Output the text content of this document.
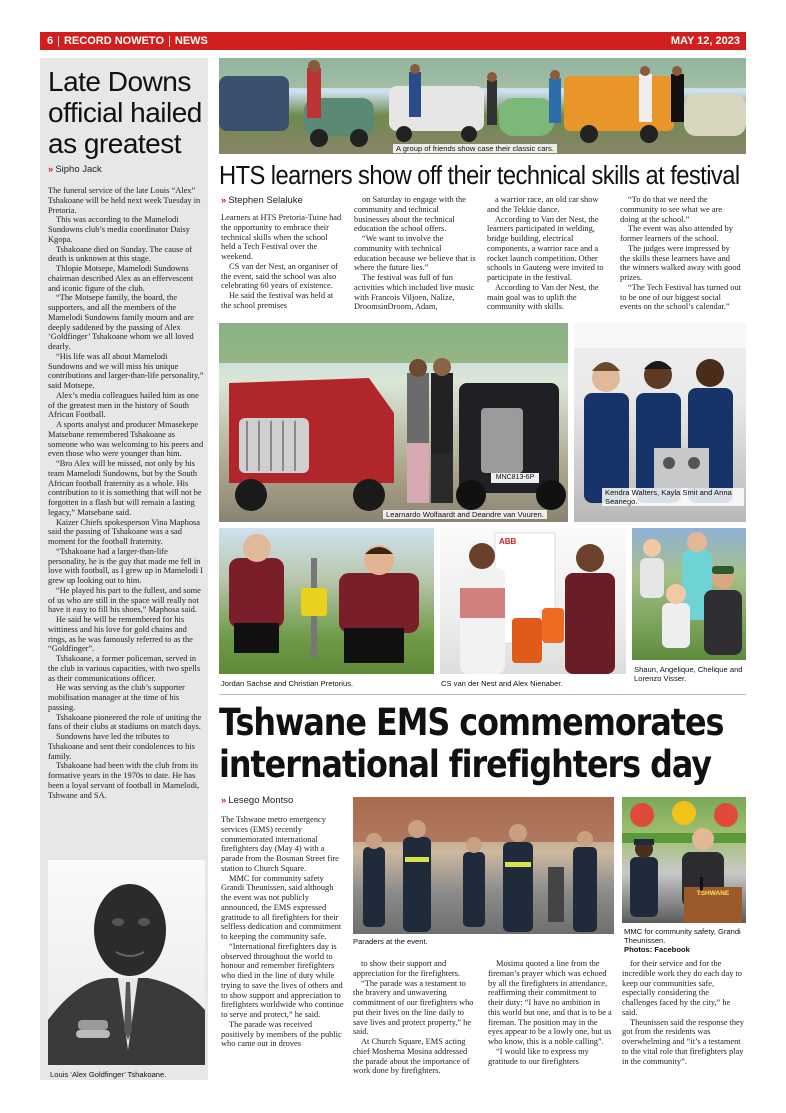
6 | RECORD NOWETO | NEWS	MAY 12, 2023
Late Downs official hailed as greatest
›› Sipho Jack

The funeral service of the late Louis “Alex” Tshakoane will be held next week Tuesday in Pretoria.

This was according to the Mamelodi Sundowns club’s media coordinator Daisy Kgopa.

Tshakoane died on Sunday. The cause of death is unknown at this stage.

Thlopie Motsepe, Mamelodi Sundowns chairman described Alex as an effervescent and iconic figure of the club.

“The Motsepe family, the board, the supporters, and all the members of the Mamelodi Sundowns family mourn and are deeply saddened by the passing of Alex ‘Goldfinger’ Tshakoane whom we all loved dearly.

“His life was all about Mamelodi Sundowns and we will miss his unique contributions and larger-than-life personality,” said Motsepe.

Alex’s media colleagues hailed him as one of the greatest men in the history of South African Football.

A sports analyst and producer Mmasekepe Matsebane remembered Tshakoane as someone who was welcoming to his peers and even those who were younger than him.

“Bro Alex will be missed, not only by his team Mamelodi Sundowns, but by the South African football fraternity as a whole. His contribution to it is something that will not be forgotten in a flash but will remain a lasting legacy,” Matsebane said.

Kaizer Chiefs spokesperson Vina Maphosa said the passing of Tshakoane was a sad moment for the football fraternity.

“Tshakoane had a larger-than-life personality, he is the guy that made me fell in love with football, as I grew up in Mamelodi I grew up looking out to him.

“He played his part to the fullest, and some of us who are still in the space will really not have it easy to fill his shoes,” Maphosa said.

He said he will be remembered for his wittiness and his love for gold chains and rings, as he was famously referred to as the “Goldfinger”.

Tshakoane, a former policeman, served in the club in various capacities, with two spells as their communications officer.

He was serving as the club’s supporter mobilisation manager at the time of his passing.

Tshakoane pioneered the role of uniting the fans of their clubs at stadiums on match days.

Sundowns have led the tributes to Tshakoane and sent their condolences to his family.

Tshakoane had been with the club from its formative years in the 1970s to date. He has been a loyal servant of football in Mamelodi, Tshwane and SA.

Louis ‘Alex Goldfinger’ Tshakoane.
A group of friends show case their classic cars.
HTS learners show off their technical skills at festival
›› Stephen Selaluke

Learners at HTS Pretoria-Tuine had the opportunity to embrace their technical skills when the school held a Tech Festival over the weekend.

CS van der Nest, an organiser of the event, said the school was also celebrating 60 years of existence.

He said the festival was held at the school premises

on Saturday to engage with the community and technical businesses about the technical education the school offers.

“We want to involve the community with technical education because we believe that is where the future lies.”

The festival was full of fun activities which included live music with Francois Viljoen, Nalize, DroomsinDroom, Adam,

a warrior race, an old car show and the Tekkie dance.

According to Van der Nest, the learners participated in welding, bridge building, electrical components, a warrior race and a rocket launch competition. Other schools in Gauteng were invited to participate in the festival.

According to Van der Nest, the main goal was to uplift the community with skills.

“To do that we need the community to see what we are doing at the school.”

The event was also attended by former learners of the school.

The judges were impressed by the skills these learners have and the winners walked away with good prizes.

“The Tech Festival has turned out to be one of our biggest social events on the school’s calendar.”

MNC813-6P
Learnardo Wolfaardt and Deandre van Vuuren.
Kendra Walters, Kayla Smit and Anna Seanego.
Jordan Sachse and Christian Pretorius.
ABB
CS van der Nest and Alex Nienaber.
Shaun, Angelique, Chelique and Lorenzo Visser.
Tshwane EMS commemorates
international firefighters day
›› Lesego Montso

The Tshwane metro emergency services (EMS) recently commemorated international firefighters day (May 4) with a parade from the Bosman Street fire station to Church Square.

MMC for community safety Grandi Theunissen, said although the event was not publicly announced, the EMS expressed gratitude to all firefighters for their selfless dedication and commitment to keeping the community safe.

“International firefighters day is observed throughout the world to honour and remember firefighters who died in the line of duty while trying to save the lives of others and to show support and appreciation to firefighters worldwide who continue to serve and protect,” he said.

The parade was received positively by members of the public who came out in droves

Paraders at the event.
TSHWANE
MMC for community safety, Grandi Theunissen.
Photos: Facebook

to show their support and appreciation for the firefighters.

“The parade was a testament to the bravery and unwavering commitment of our firefighters who put their lives on the line daily to save lives and protect property,” he said.

At Church Square, EMS acting chief Moshema Mosina addressed the parade about the importance of work done by firefighters.

Mosima quoted a line from the fireman’s prayer which was echoed by all the firefighters in attendance, reaffirming their commitment to their duty: “I have no ambition in this world but one, and that is to be a fireman. The position may in the eyes appear to be a lowly one, but us who know, this is a noble calling”.

“I would like to express my gratitude to our firefighters

for their service and for the incredible work they do each day to keep our communities safe, especially considering the challenges faced by the city,” he said.

Theunissen said the response they got from the residents was overwhelming and “it’s a testament to the vital role that firefighters play in the community”.
